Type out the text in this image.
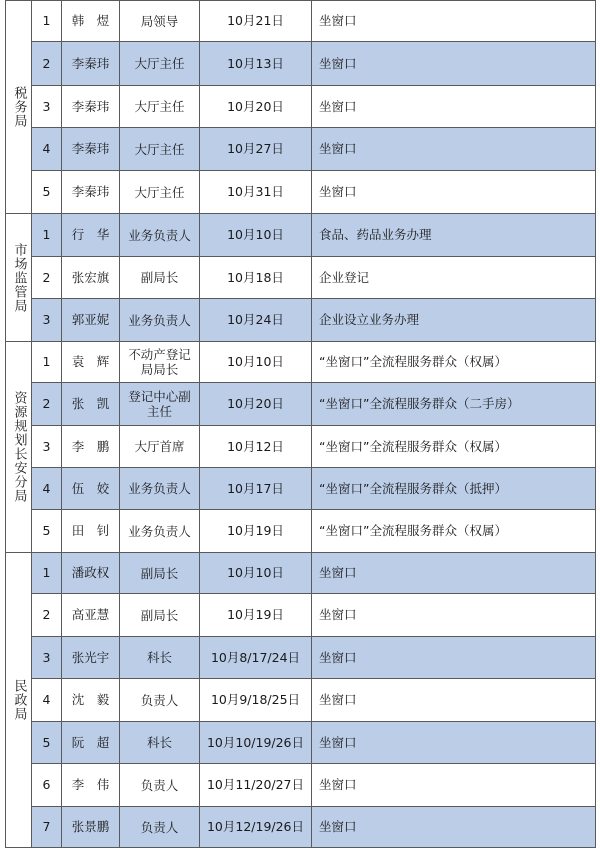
税务局	1	韩　煜	局领导	10月21日	坐窗口
	2	李秦玮	大厅主任	10月13日	坐窗口
	3	李秦玮	大厅主任	10月20日	坐窗口
	4	李秦玮	大厅主任	10月27日	坐窗口
	5	李秦玮	大厅主任	10月31日	坐窗口

市场监管局	1	行　华	业务负责人	10月10日	食品、药品业务办理
	2	张宏旗	副局长	10月18日	企业登记
	3	郭亚妮	业务负责人	10月24日	企业设立业务办理

资源规划长安分局	1	袁　辉	不动产登记局局长	10月10日	“坐窗口”全流程服务群众（权属）
	2	张　凯	登记中心副主任	10月20日	“坐窗口”全流程服务群众（二手房）
	3	李　鹏	大厅首席	10月12日	“坐窗口”全流程服务群众（权属）
	4	伍　姣	业务负责人	10月17日	“坐窗口”全流程服务群众（抵押）
	5	田　钊	业务负责人	10月19日	“坐窗口”全流程服务群众（权属）

民政局	1	潘政权	副局长	10月10日	坐窗口
	2	高亚慧	副局长	10月19日	坐窗口
	3	张光宇	科长	10月8/17/24日	坐窗口
	4	沈　毅	负责人	10月9/18/25日	坐窗口
	5	阮　超	科长	10月10/19/26日	坐窗口
	6	李　伟	负责人	10月11/20/27日	坐窗口
	7	张景鹏	负责人	10月12/19/26日	坐窗口
